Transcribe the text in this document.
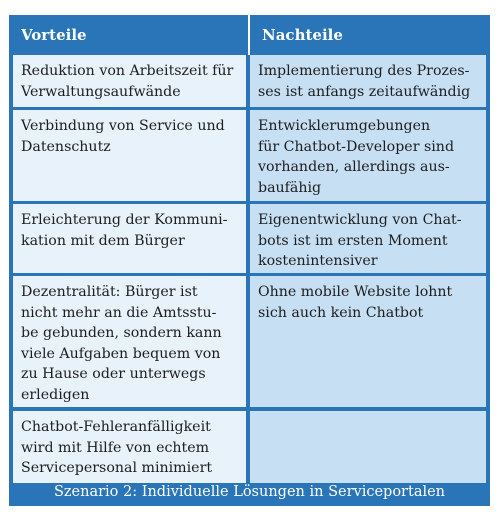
Vorteile	Nachteile
Reduktion von Arbeitszeit für
Verwaltungsaufwände
Implementierung des Prozes-
ses ist anfangs zeitaufwändig
Verbindung von Service und
Datenschutz
Entwicklerumgebungen
für Chatbot-Developer sind
vorhanden, allerdings aus-
baufähig
Erleichterung der Kommuni-
kation mit dem Bürger
Eigenentwicklung von Chat-
bots ist im ersten Moment
kostenintensiver
Dezentralität: Bürger ist
nicht mehr an die Amtsstu-
be gebunden, sondern kann
viele Aufgaben bequem von
zu Hause oder unterwegs
erledigen
Ohne mobile Website lohnt
sich auch kein Chatbot
Chatbot-Fehleranfälligkeit
wird mit Hilfe von echtem
Servicepersonal minimiert
Szenario 2: Individuelle Lösungen in Serviceportalen
